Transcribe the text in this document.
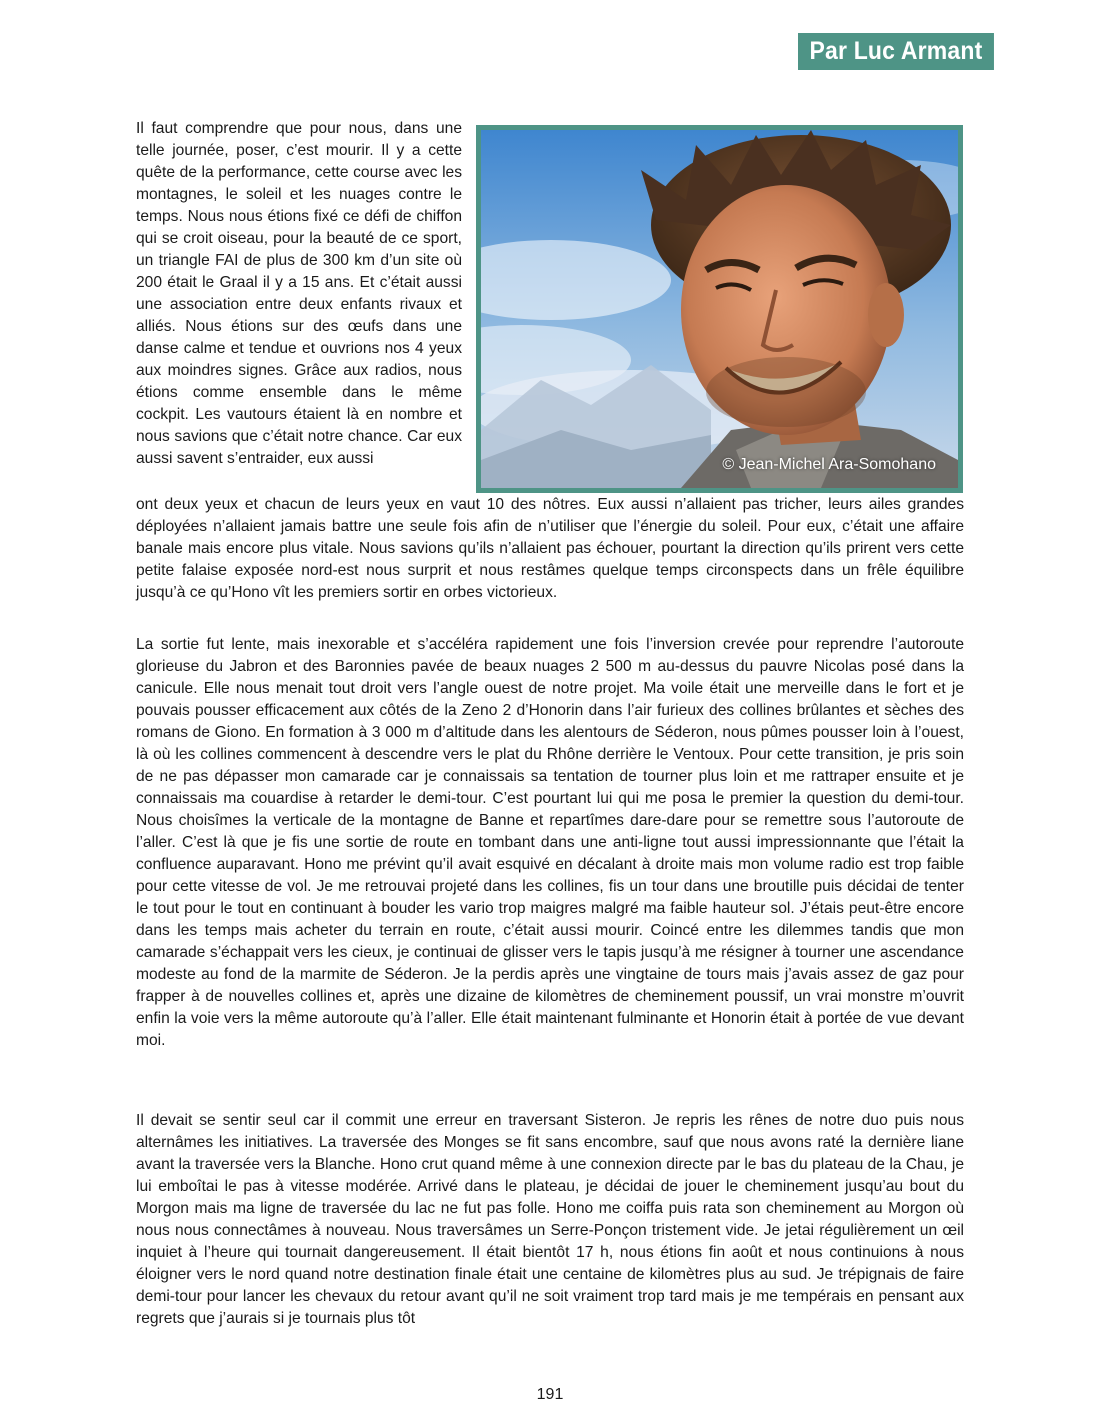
Par Luc Armant
© Jean-Michel Ara-Somohano

Il faut comprendre que pour nous, dans une telle journée, poser, c’est mourir. Il y a cette quête de la performance, cette course avec les montagnes, le soleil et les nuages contre le temps. Nous nous étions fixé ce défi de chiffon qui se croit oiseau, pour la beauté de ce sport, un triangle FAI de plus de 300 km d’un site où 200 était le Graal il y a 15 ans. Et c’était aussi une association entre deux enfants rivaux et alliés. Nous étions sur des œufs dans une danse calme et tendue et ouvrions nos 4 yeux aux moindres signes. Grâce aux radios, nous étions comme ensemble dans le même cockpit. Les vautours étaient là en nombre et nous savions que c’était notre chance. Car eux aussi savent s’entraider, eux aussi

ont deux yeux et chacun de leurs yeux en vaut 10 des nôtres. Eux aussi n’allaient pas tricher, leurs ailes grandes déployées n’allaient jamais battre une seule fois afin de n’utiliser que l’énergie du soleil. Pour eux, c’était une affaire banale mais encore plus vitale. Nous savions qu’ils n’allaient pas échouer, pourtant la direction qu’ils prirent vers cette petite falaise exposée nord-est nous surprit et nous restâmes quelque temps circonspects dans un frêle équilibre jusqu’à ce qu’Hono vît les premiers sortir en orbes victorieux.

La sortie fut lente, mais inexorable et s’accéléra rapidement une fois l’inversion crevée pour reprendre l’autoroute glorieuse du Jabron et des Baronnies pavée de beaux nuages 2 500 m au-dessus du pauvre Nicolas posé dans la canicule. Elle nous menait tout droit vers l’angle ouest de notre projet. Ma voile était une merveille dans le fort et je pouvais pousser efficacement aux côtés de la Zeno 2 d’Honorin dans l’air furieux des collines brûlantes et sèches des romans de Giono. En formation à 3 000 m d’altitude dans les alentours de Séderon, nous pûmes pousser loin à l’ouest, là où les collines commencent à descendre vers le plat du Rhône derrière le Ventoux. Pour cette transition, je pris soin de ne pas dépasser mon camarade car je connaissais sa tentation de tourner plus loin et me rattraper ensuite et je connaissais ma couardise à retarder le demi-tour. C’est pourtant lui qui me posa le premier la question du demi-tour. Nous choisîmes la verticale de la montagne de Banne et repartîmes dare-dare pour se remettre sous l’autoroute de l’aller. C’est là que je fis une sortie de route en tombant dans une anti-ligne tout aussi impressionnante que l’était la confluence auparavant. Hono me prévint qu’il avait esquivé en décalant à droite mais mon volume radio est trop faible pour cette vitesse de vol. Je me retrouvai projeté dans les collines, fis un tour dans une broutille puis décidai de tenter le tout pour le tout en continuant à bouder les vario trop maigres malgré ma faible hauteur sol. J’étais peut-être encore dans les temps mais acheter du terrain en route, c’était aussi mourir. Coincé entre les dilemmes tandis que mon camarade s’échappait vers les cieux, je continuai de glisser vers le tapis jusqu’à me résigner à tourner une ascendance modeste au fond de la marmite de Séderon. Je la perdis après une vingtaine de tours mais j’avais assez de gaz pour frapper à de nouvelles collines et, après une dizaine de kilomètres de cheminement poussif, un vrai monstre m’ouvrit enfin la voie vers la même autoroute qu’à l’aller. Elle était maintenant fulminante et Honorin était à portée de vue devant moi.

Il devait se sentir seul car il commit une erreur en traversant Sisteron. Je repris les rênes de notre duo puis nous alternâmes les initiatives. La traversée des Monges se fit sans encombre, sauf que nous avons raté la dernière liane avant la traversée vers la Blanche. Hono crut quand même à une connexion directe par le bas du plateau de la Chau, je lui emboîtai le pas à vitesse modérée. Arrivé dans le plateau, je décidai de jouer le cheminement jusqu’au bout du Morgon mais ma ligne de traversée du lac ne fut pas folle. Hono me coiffa puis rata son cheminement au Morgon où nous nous connectâmes à nouveau. Nous traversâmes un Serre-Ponçon tristement vide. Je jetai régulièrement un œil inquiet à l’heure qui tournait dangereusement. Il était bientôt 17 h, nous étions fin août et nous continuions à nous éloigner vers le nord quand notre destination finale était une centaine de kilomètres plus au sud. Je trépignais de faire demi-tour pour lancer les chevaux du retour avant qu’il ne soit vraiment trop tard mais je me tempérais en pensant aux regrets que j’aurais si je tournais plus tôt

191
